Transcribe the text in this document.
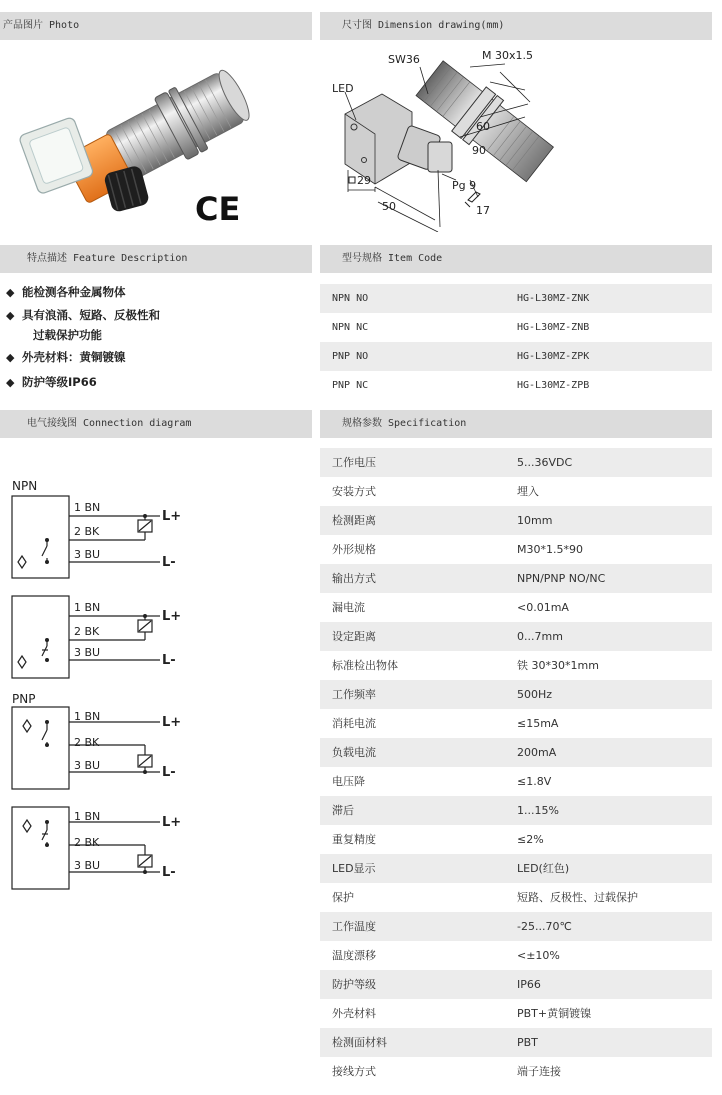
产品图片 Photo	尺寸图 Dimension drawing(mm)
特点描述 Feature Description	型号规格 Item Code
电气接线图 Connection diagram	规格参数 Specification
CE
SW36	M 30x1.5
LED
60
90
29
50
Pg 9
17
◆ 能检测各种金属物体
◆ 具有浪涌、短路、反极性和
过载保护功能
◆ 外壳材料：黄铜镀镍
◆ 防护等级IP66
NPN NO	HG-L30MZ-ZNK
NPN NC	HG-L30MZ-ZNB
PNP NO	HG-L30MZ-ZPK
PNP NC	HG-L30MZ-ZPB
NPN
PNP
1 BN
2 BK
3 BU
1 BN
2 BK
3 BU
1 BN
2 BK
3 BU
1 BN
2 BK
3 BU
L+
L-
L+
L-
L+
L-
L+
L-
工作电压	5...36VDC
安装方式	埋入
检测距离	10mm
外形规格	M30*1.5*90
输出方式	NPN/PNP NO/NC
漏电流	<0.01mA
设定距离	0...7mm
标准检出物体	铁 30*30*1mm
工作频率	500Hz
消耗电流	≤15mA
负载电流	200mA
电压降	≤1.8V
滞后	1...15%
重复精度	≤2%
LED显示	LED(红色)
保护	短路、反极性、过载保护
工作温度	-25...70℃
温度漂移	<±10%
防护等级	IP66
外壳材料	PBT+黄铜镀镍
检测面材料	PBT
接线方式	端子连接
